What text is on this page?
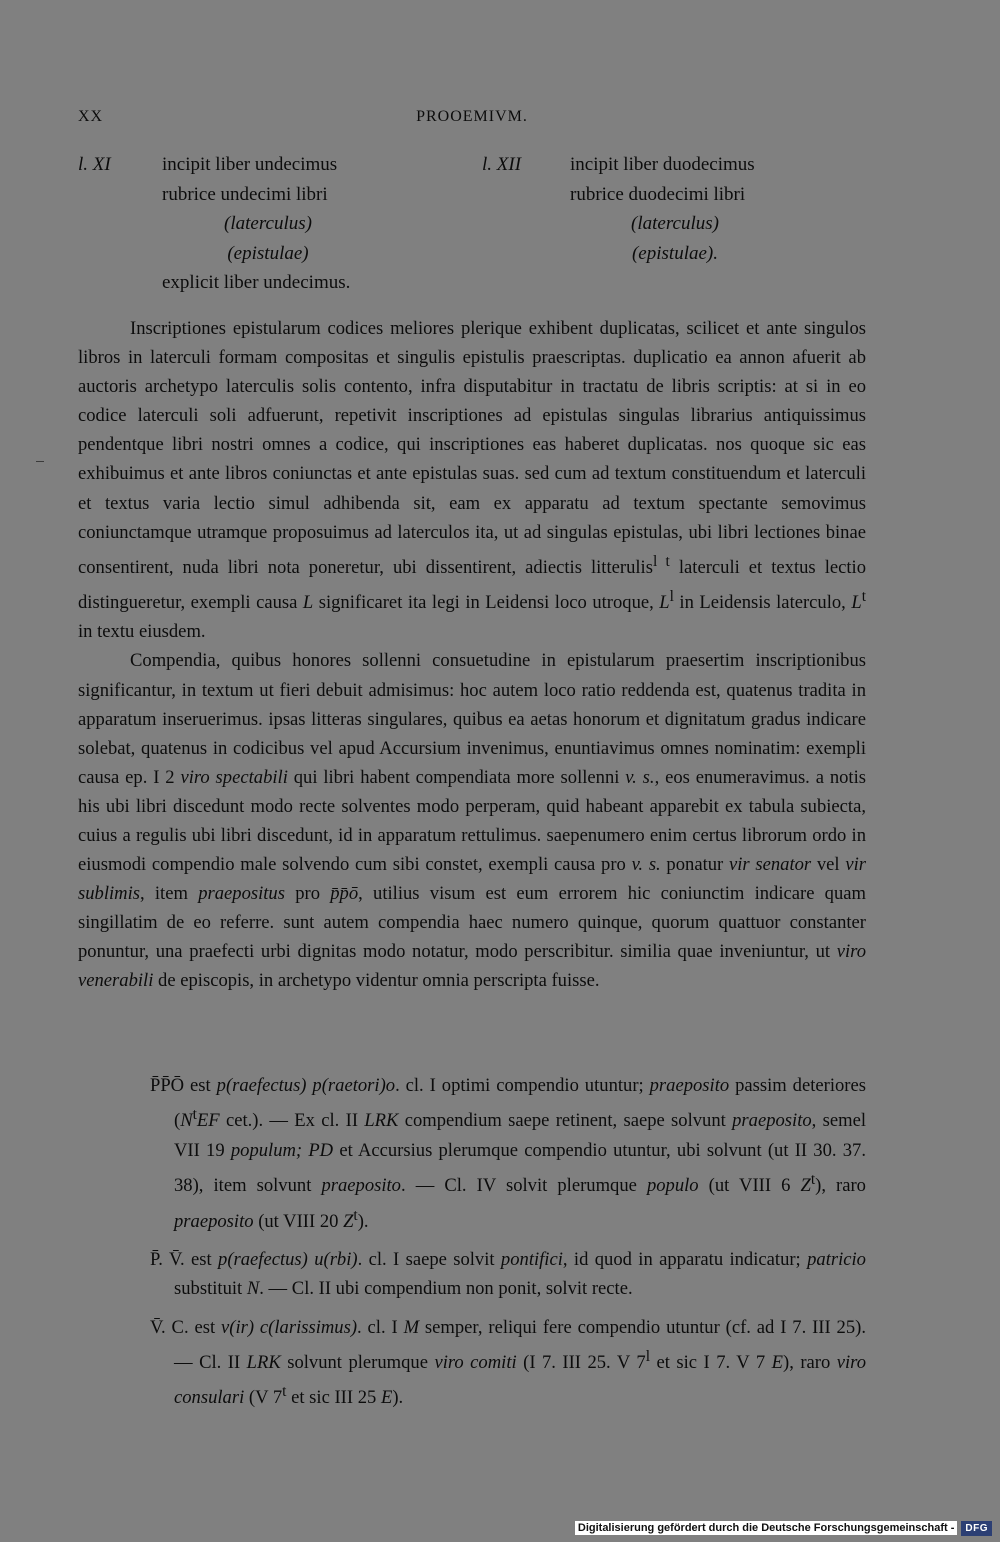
XX	PROOEMIVM.
l. XI	incipit liber undecimus
rubrice undecimi libri
(laterculus)
(epistulae)
explicit liber undecimus.
l. XII	incipit liber duodecimus
rubrice duodecimi libri
(laterculus)
(epistulae).

Inscriptiones epistularum codices meliores plerique exhibent duplicatas, scilicet et ante singulos libros in laterculi formam compositas et singulis epistulis praescriptas. duplicatio ea annon afuerit ab auctoris archetypo laterculis solis contento, infra disputabitur in tractatu de libris scriptis: at si in eo codice laterculi soli adfuerunt, repetivit inscriptiones ad epistulas singulas librarius antiquissimus pendentque libri nostri omnes a codice, qui inscriptiones eas haberet duplicatas. nos quoque sic eas exhibuimus et ante libros coniunctas et ante epistulas suas. sed cum ad textum constituendum et laterculi et textus varia lectio simul adhibenda sit, eam ex apparatu ad textum spectante semovimus coniunctamque utramque proposuimus ad laterculos ita, ut ad singulas epistulas, ubi libri lectiones binae consentirent, nuda libri nota poneretur, ubi dissentirent, adiectis litterulis$^{l t}$ laterculi et textus lectio distingueretur, exempli causa L significaret ita legi in Leidensi loco utroque, $L^l$ in Leidensis laterculo, $L^t$ in textu eiusdem.

Compendia, quibus honores sollenni consuetudine in epistularum praesertim inscriptionibus significantur, in textum ut fieri debuit admisimus: hoc autem loco ratio reddenda est, quatenus tradita in apparatum inseruerimus. ipsas litteras singulares, quibus ea aetas honorum et dignitatum gradus indicare solebat, quatenus in codicibus vel apud Accursium invenimus, enuntiavimus omnes nominatim: exempli causa ep. I 2 viro spectabili qui libri habent compendiata more sollenni v. s., eos enumeravimus. a notis his ubi libri discedunt modo recte solventes modo perperam, quid habeant apparebit ex tabula subiecta, cuius a regulis ubi libri discedunt, id in apparatum rettulimus. saepenumero enim certus librorum ordo in eiusmodi compendio male solvendo cum sibi constet, exempli causa pro v. s. ponatur vir senator vel vir sublimis, item praepositus pro p̄p̄ō, utilius visum est eum errorem hic coniunctim indicare quam singillatim de eo referre. sunt autem compendia haec numero quinque, quorum quattuor constanter ponuntur, una praefecti urbi dignitas modo notatur, modo perscribitur. similia quae inveniuntur, ut viro venerabili de episcopis, in archetypo videntur omnia perscripta fuisse.

P̄P̄Ō est p(raefectus) p(raetori)o. cl. I optimi compendio utuntur; praeposito passim deteriores ($N^tEF$ cet.). — Ex cl. II LRK compendium saepe retinent, saepe solvunt praeposito, semel VII 19 populum; PD et Accursius plerumque compendio utuntur, ubi solvunt (ut II 30. 37. 38), item solvunt praeposito. — Cl. IV solvit plerumque populo (ut VIII 6 $Z^t$), raro praeposito (ut VIII 20 $Z^t$).
P̄. V̄. est p(raefectus) u(rbi). cl. I saepe solvit pontifici, id quod in apparatu indicatur; patricio substituit N. — Cl. II ubi compendium non ponit, solvit recte.
V̄. C. est v(ir) c(larissimus). cl. I M semper, reliqui fere compendio utuntur (cf. ad I 7. III 25). — Cl. II LRK solvunt plerumque viro comiti (I 7. III 25. V 7$^l$ et sic I 7. V 7 E), raro viro consulari (V 7$^t$ et sic III 25 E).
Digitalisierung gefördert durch die Deutsche Forschungsgemeinschaft -	DFG
